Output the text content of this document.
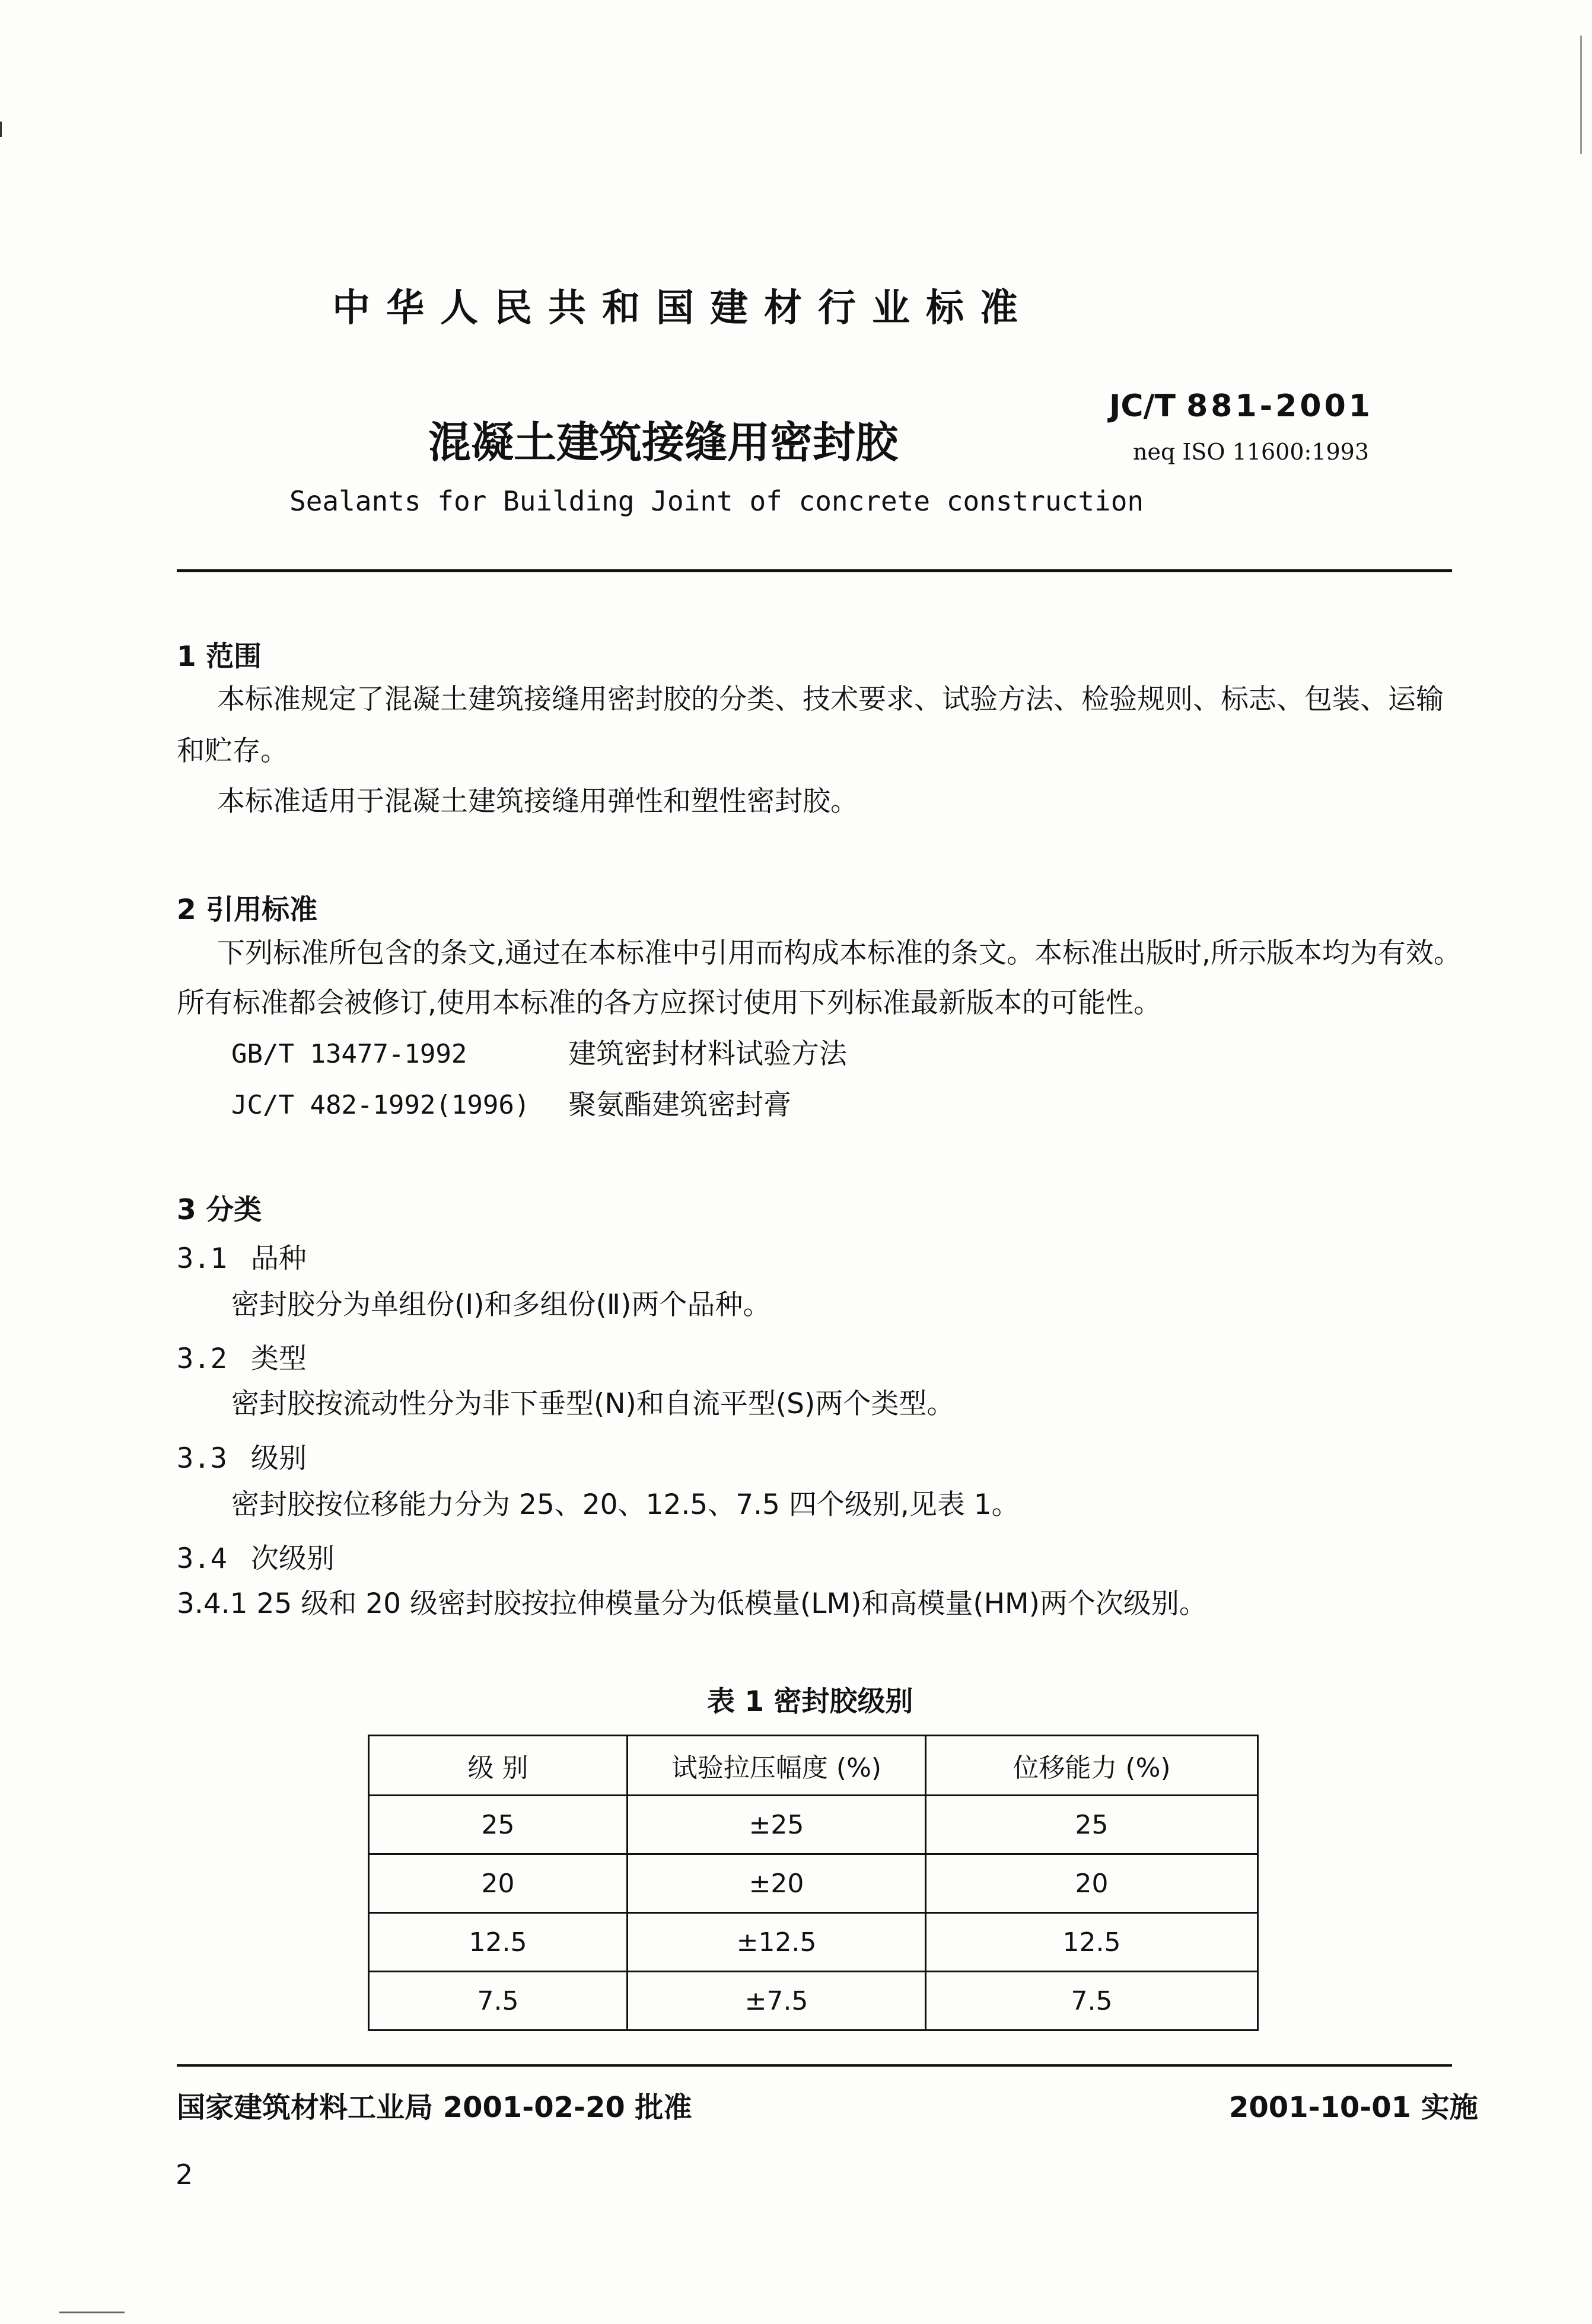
中华人民共和国建材行业标准
混凝土建筑接缝用密封胶
JC/T 881-2001
neq ISO 11600:1993
Sealants for Building Joint of concrete construction
1 范围
本标准规定了混凝土建筑接缝用密封胶的分类、技术要求、试验方法、检验规则、标志、包装、运输
和贮存。
本标准适用于混凝土建筑接缝用弹性和塑性密封胶。
2 引用标准
下列标准所包含的条文,通过在本标准中引用而构成本标准的条文。本标准出版时,所示版本均为有效。
所有标准都会被修订,使用本标准的各方应探讨使用下列标准最新版本的可能性。
GB/T 13477-1992	建筑密封材料试验方法
JC/T 482-1992(1996) 聚氨酯建筑密封膏
3 分类
3.1 品种
密封胶分为单组份(Ⅰ)和多组份(Ⅱ)两个品种。
3.2 类型
密封胶按流动性分为非下垂型(N)和自流平型(S)两个类型。
3.3 级别
密封胶按位移能力分为 25、20、12.5、7.5 四个级别,见表 1。
3.4 次级别
3.4.1 25 级和 20 级密封胶按拉伸模量分为低模量(LM)和高模量(HM)两个次级别。
表 1 密封胶级别
级 别	试验拉压幅度 (%)	位移能力 (%)
25	±25	25
20	±20	20
12.5	±12.5	12.5
7.5	±7.5	7.5
国家建筑材料工业局 2001-02-20 批准	2001-10-01 实施
2
